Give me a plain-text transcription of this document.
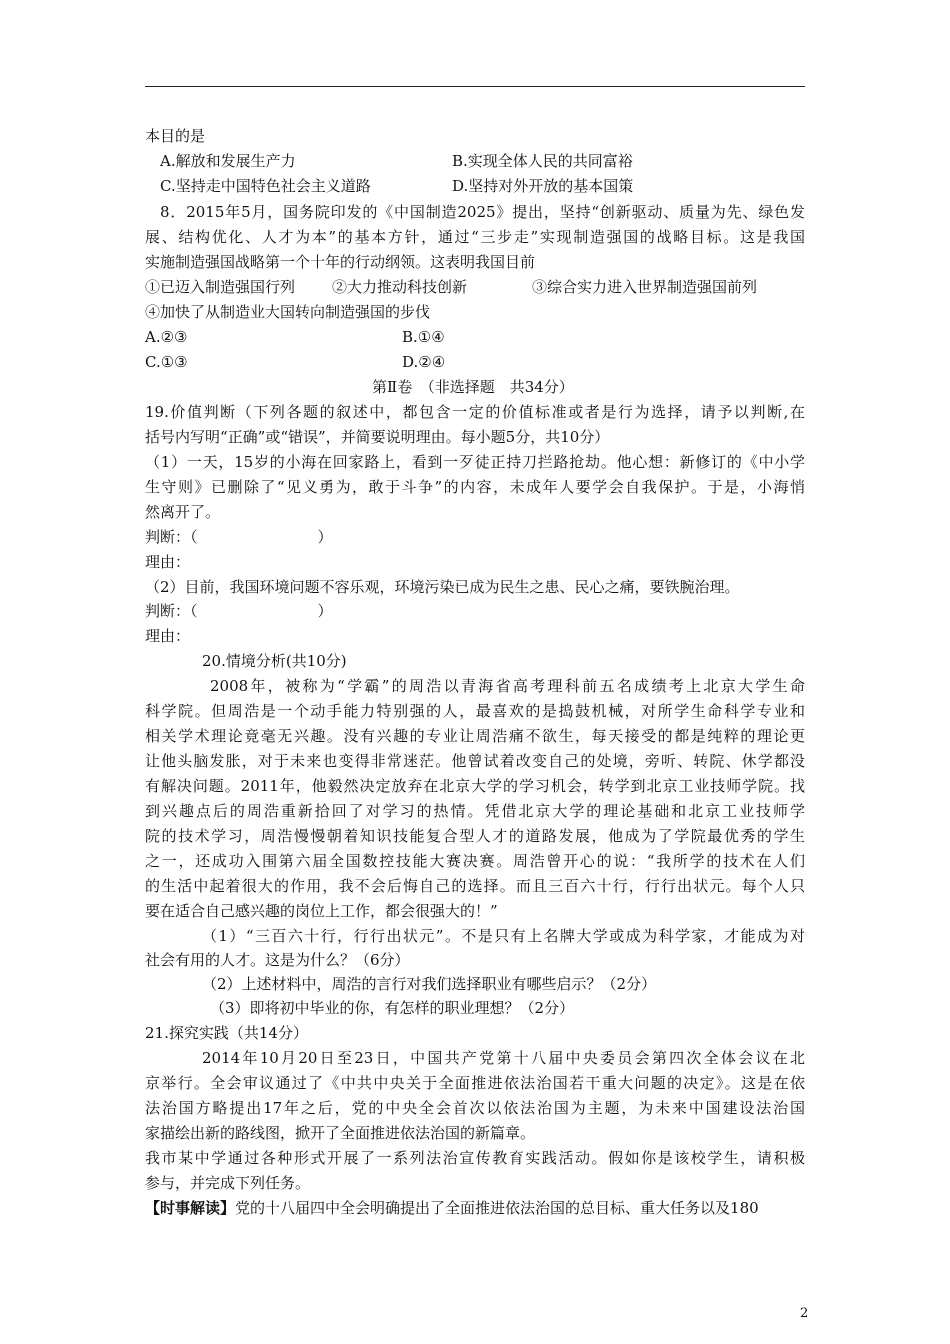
本目的是
A.解放和发展生产力	B.实现全体人民的共同富裕
C.坚持走中国特色社会主义道路	D.坚持对外开放的基本国策
8．2015年5月，国务院印发的《中国制造2025》提出，坚持“创新驱动、质量为先、绿色发
展、结构优化、人才为本”的基本方针，通过“三步走”实现制造强国的战略目标。这是我国
实施制造强国战略第一个十年的行动纲领。这表明我国目前
①已迈入制造强国行列 ②大力推动科技创新	③综合实力进入世界制造强国前列
④加快了从制造业大国转向制造强国的步伐
A.②③	B.①④
C.①③	D.②④
第Ⅱ卷　（非选择题　共34分）
19.价值判断（下列各题的叙述中，都包含一定的价值标准或者是行为选择，请予以判断,在
括号内写明“正确”或“错误”，并简要说明理由。每小题5分，共10分）
（1）一天，15岁的小海在回家路上，看到一歹徒正持刀拦路抢劫。他心想：新修订的《中小学
生守则》已删除了“见义勇为，敢于斗争”的内容，未成年人要学会自我保护。于是，小海悄
然离开了。
判断：（	）
理由：
（2）目前，我国环境问题不容乐观，环境污染已成为民生之患、民心之痛，要铁腕治理。
判断：（	）
理由：
20.情境分析(共10分)
2008年，被称为“学霸”的周浩以青海省高考理科前五名成绩考上北京大学生命
科学院。但周浩是一个动手能力特别强的人，最喜欢的是捣鼓机械，对所学生命科学专业和
相关学术理论竟毫无兴趣。没有兴趣的专业让周浩痛不欲生，每天接受的都是纯粹的理论更
让他头脑发胀，对于未来也变得非常迷茫。他曾试着改变自己的处境，旁听、转院、休学都没
有解决问题。2011年，他毅然决定放弃在北京大学的学习机会，转学到北京工业技师学院。找
到兴趣点后的周浩重新拾回了对学习的热情。凭借北京大学的理论基础和北京工业技师学
院的技术学习，周浩慢慢朝着知识技能复合型人才的道路发展，他成为了学院最优秀的学生
之一，还成功入围第六届全国数控技能大赛决赛。周浩曾开心的说：“我所学的技术在人们
的生活中起着很大的作用，我不会后悔自己的选择。而且三百六十行，行行出状元。每个人只
要在适合自己感兴趣的岗位上工作，都会很强大的！”
（1）“三百六十行，行行出状元”。不是只有上名牌大学或成为科学家，才能成为对
社会有用的人才。这是为什么？（6分）
（2）上述材料中，周浩的言行对我们选择职业有哪些启示？（2分）
（3）即将初中毕业的你，有怎样的职业理想？（2分）
21.探究实践（共14分）
2014年10月20日至23日，中国共产党第十八届中央委员会第四次全体会议在北
京举行。全会审议通过了《中共中央关于全面推进依法治国若干重大问题的决定》。这是在依
法治国方略提出17年之后，党的中央全会首次以依法治国为主题，为未来中国建设法治国
家描绘出新的路线图，掀开了全面推进依法治国的新篇章。
我市某中学通过各种形式开展了一系列法治宣传教育实践活动。假如你是该校学生，请积极
参与，并完成下列任务。
【时事解读】党的十八届四中全会明确提出了全面推进依法治国的总目标、重大任务以及180
2
